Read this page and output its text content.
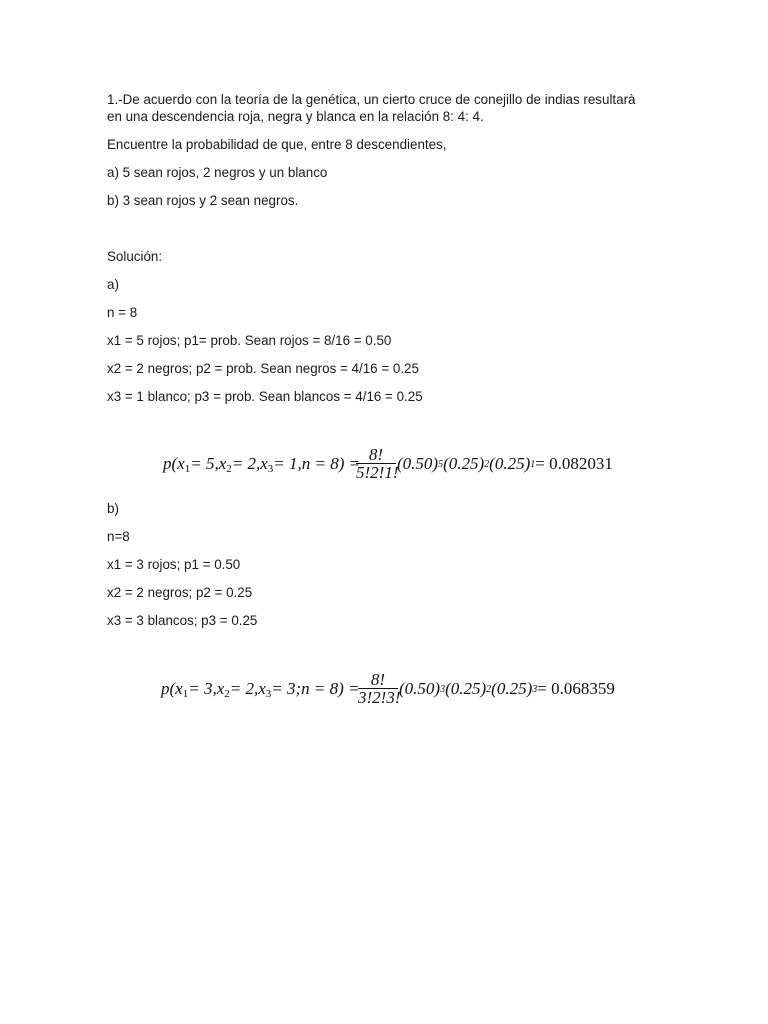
1.-De acuerdo con la teoría de la genética, un cierto cruce de conejillo de indias resultarà
en una descendencia roja, negra y blanca en la relación 8: 4: 4.
Encuentre la probabilidad de que, entre 8 descendientes,
a) 5 sean rojos, 2 negros y un blanco
b) 3 sean rojos y 2 sean negros.
Solución:
a)
n = 8
x1 = 5 rojos; p1= prob. Sean rojos = 8/16 = 0.50
x2 = 2 negros; p2 = prob. Sean negros = 4/16 = 0.25
x3 = 1 blanco; p3 = prob. Sean blancos = 4/16 = 0.25
p( $x_1 = 5$, $x_2 = 2$, $x_3 = 1$, n = 8) =
$\frac{8!}{5!2!1!} (0.50)$ 5 (0.25) 2 (0.25) 1 = 0.082031
b)
n=8
x1 = 3 rojos; p1 = 0.50
x2 = 2 negros; p2 = 0.25
x3 = 3 blancos; p3 = 0.25
p( $x_1 = 3$, $x_2 = 2$, $x_3 = 3$; n = 8) =
$\frac{8!}{3!2!3!} (0.50)$ 3 (0.25) 2 (0.25) 3 = 0.068359
